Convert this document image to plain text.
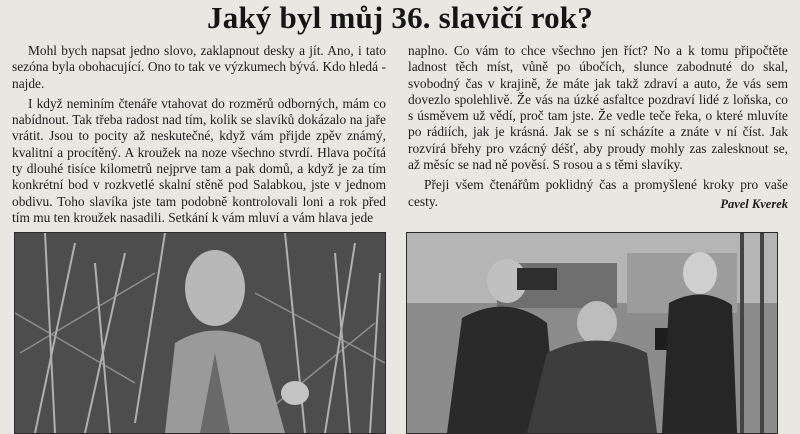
Jaký byl můj 36. slavičí rok?

Mohl bych napsat jedno slovo, zaklapnout desky a jít. Ano, i tato sezóna byla obohacující. Ono to tak ve výzkumech bývá. Kdo hledá - najde.

I když neminím čtenáře vtahovat do rozměrů odborných, mám co nabídnout. Tak třeba radost nad tím, kolik se slavíků dokázalo na jaře vrátit. Jsou to pocity až neskutečné, když vám přijde zpěv známý, kvalitní a procítěný. A kroužek na noze všechno stvrdí. Hlava počítá ty dlouhé tisíce kilometrů nejprve tam a pak domů, a když je za tím konkrétní bod v rozkvetlé skalní stěně pod Salabkou, jste v jednom obdivu. Toho slavíka jste tam podobně kontrolovali loni a rok před tím mu ten kroužek nasadili. Setkání k vám mluví a vám hlava jede

naplno. Co vám to chce všechno jen říct? No a k tomu připočtěte ladnost těch míst, vůně po úbočích, slunce zabodnuté do skal, svobodný čas v krajině, že máte jak takž zdraví a auto, že vás sem dovezlo spolehlivě. Že vás na úzké asfaltce pozdraví lidé z loňska, co s úsměvem už vědí, proč tam jste. Že vedle teče řeka, o které mluvíte po rádiích, jak je krásná. Jak se s ní scházíte a znáte v ní číst. Jak rozvírá břehy pro vzácný déšť, aby proudy mohly zas zalesknout se, až měsíc se nad ně pověsí. S rosou a s těmi slavíky.

Přeji všem čtenářům poklidný čas a promyšlené kroky pro vaše cesty.	Pavel Kverek
